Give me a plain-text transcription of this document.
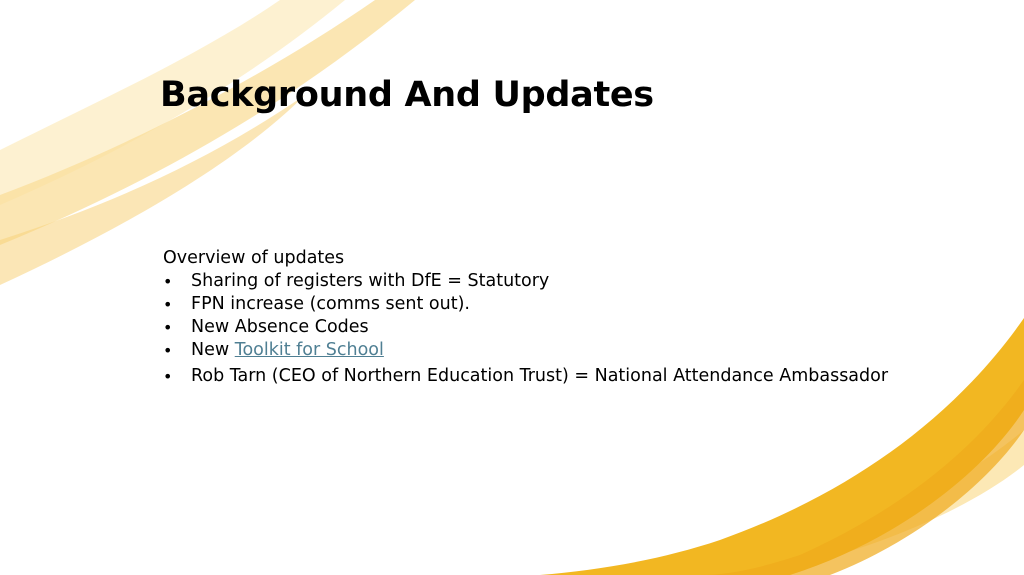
Background And Updates
Overview of updates
• Sharing of registers with DfE = Statutory
• FPN increase (comms sent out).
• New Absence Codes
• New Toolkit for School
• Rob Tarn (CEO of Northern Education Trust) = National Attendance Ambassador
